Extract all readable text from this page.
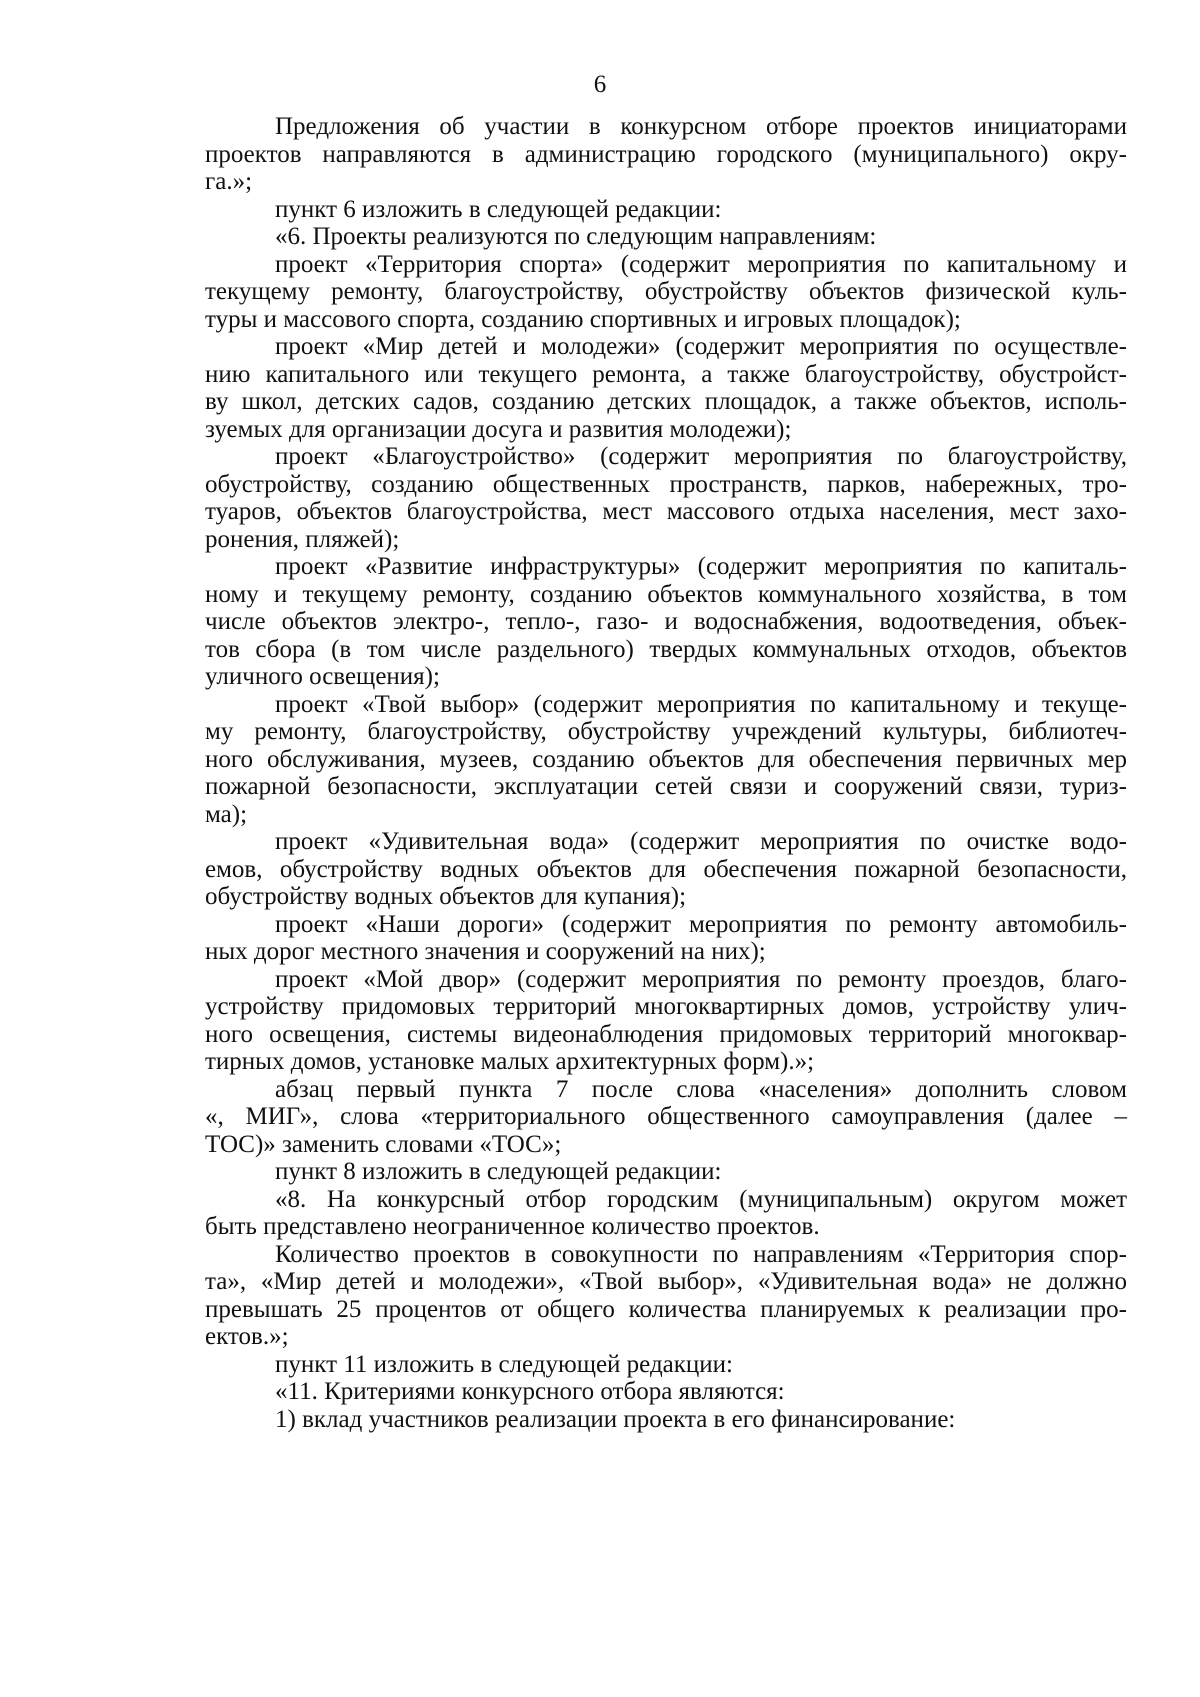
6
Предложения об участии в конкурсном отборе проектов инициаторами
проектов направляются в администрацию городского (муниципального) окру-
га.»;
пункт 6 изложить в следующей редакции:
«6. Проекты реализуются по следующим направлениям:
проект «Территория спорта» (содержит мероприятия по капитальному и
текущему ремонту, благоустройству, обустройству объектов физической куль-
туры и массового спорта, созданию спортивных и игровых площадок);
проект «Мир детей и молодежи» (содержит мероприятия по осуществле-
нию капитального или текущего ремонта, а также благоустройству, обустройст-
ву школ, детских садов, созданию детских площадок, а также объектов, исполь-
зуемых для организации досуга и развития молодежи);
проект «Благоустройство» (содержит мероприятия по благоустройству,
обустройству, созданию общественных пространств, парков, набережных, тро-
туаров, объектов благоустройства, мест массового отдыха населения, мест захо-
ронения, пляжей);
проект «Развитие инфраструктуры» (содержит мероприятия по капиталь-
ному и текущему ремонту, созданию объектов коммунального хозяйства, в том
числе объектов электро-, тепло-, газо- и водоснабжения, водоотведения, объек-
тов сбора (в том числе раздельного) твердых коммунальных отходов, объектов
уличного освещения);
проект «Твой выбор» (содержит мероприятия по капитальному и текуще-
му ремонту, благоустройству, обустройству учреждений культуры, библиотеч-
ного обслуживания, музеев, созданию объектов для обеспечения первичных мер
пожарной безопасности, эксплуатации сетей связи и сооружений связи, туриз-
ма);
проект «Удивительная вода» (содержит мероприятия по очистке водо-
емов, обустройству водных объектов для обеспечения пожарной безопасности,
обустройству водных объектов для купания);
проект «Наши дороги» (содержит мероприятия по ремонту автомобиль-
ных дорог местного значения и сооружений на них);
проект «Мой двор» (содержит мероприятия по ремонту проездов, благо-
устройству придомовых территорий многоквартирных домов, устройству улич-
ного освещения, системы видеонаблюдения придомовых территорий многоквар-
тирных домов, установке малых архитектурных форм).»;
абзац первый пункта 7 после слова «населения» дополнить словом
«, МИГ», слова «территориального общественного самоуправления (далее –
ТОС)» заменить словами «ТОС»;
пункт 8 изложить в следующей редакции:
«8. На конкурсный отбор городским (муниципальным) округом может
быть представлено неограниченное количество проектов.
Количество проектов в совокупности по направлениям «Территория спор-
та», «Мир детей и молодежи», «Твой выбор», «Удивительная вода» не должно
превышать 25 процентов от общего количества планируемых к реализации про-
ектов.»;
пункт 11 изложить в следующей редакции:
«11. Критериями конкурсного отбора являются:
1) вклад участников реализации проекта в его финансирование:
